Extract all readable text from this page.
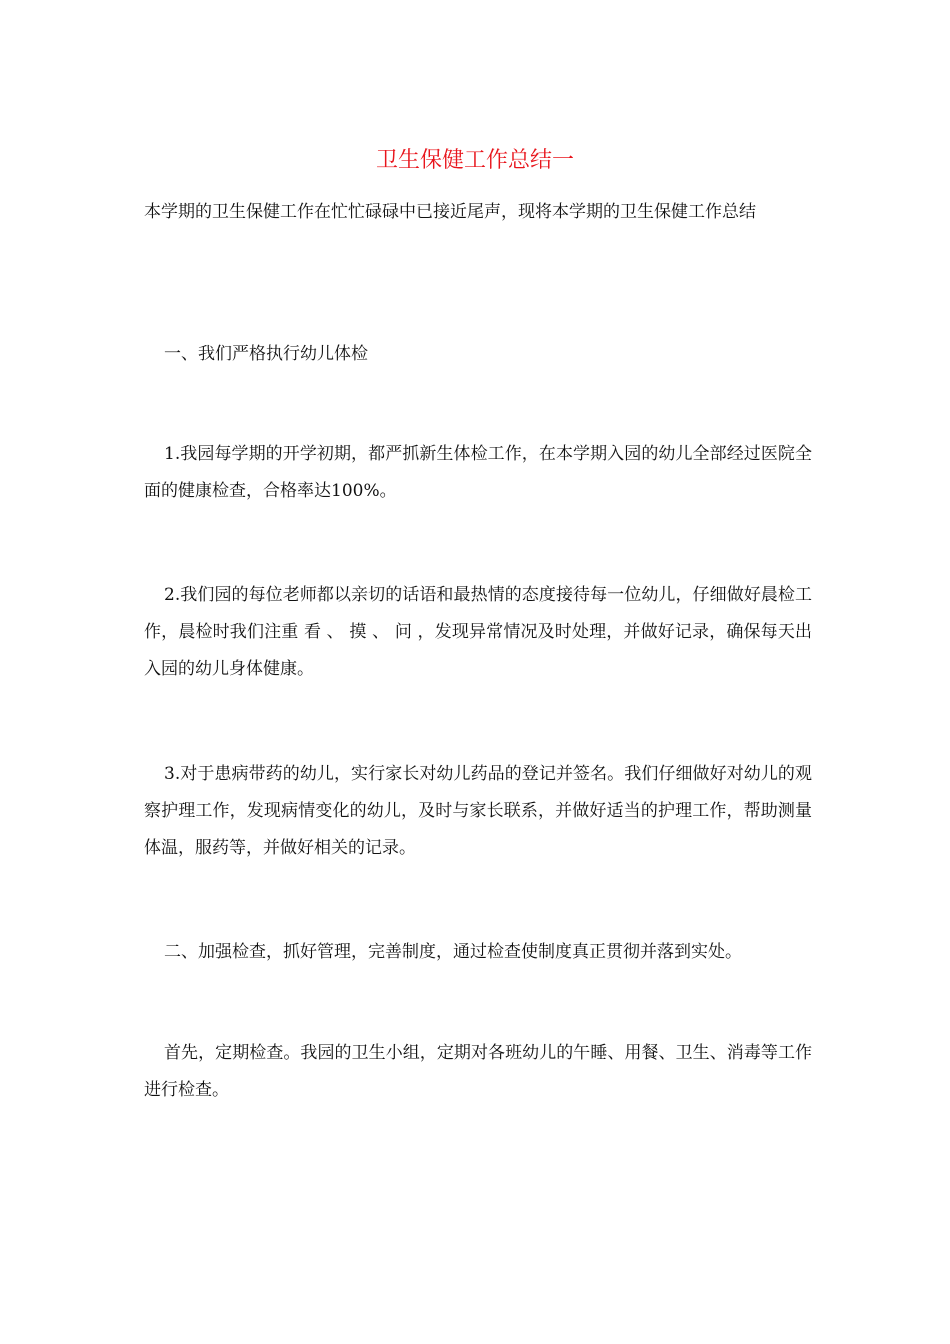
卫生保健工作总结一

本学期的卫生保健工作在忙忙碌碌中已接近尾声，现将本学期的卫生保健工作总结

一、我们严格执行幼儿体检

1.我园每学期的开学初期，都严抓新生体检工作，在本学期入园的幼儿全部经过医院全面的健康检查，合格率达100%。

2.我们园的每位老师都以亲切的话语和最热情的态度接待每一位幼儿，仔细做好晨检工作，晨检时我们注重 看 、 摸 、 问 ，发现异常情况及时处理，并做好记录，确保每天出入园的幼儿身体健康。

3.对于患病带药的幼儿，实行家长对幼儿药品的登记并签名。我们仔细做好对幼儿的观察护理工作，发现病情变化的幼儿，及时与家长联系，并做好适当的护理工作，帮助测量体温，服药等，并做好相关的记录。

二、加强检查，抓好管理，完善制度，通过检查使制度真正贯彻并落到实处。

首先，定期检查。我园的卫生小组，定期对各班幼儿的午睡、用餐、卫生、消毒等工作进行检查。
